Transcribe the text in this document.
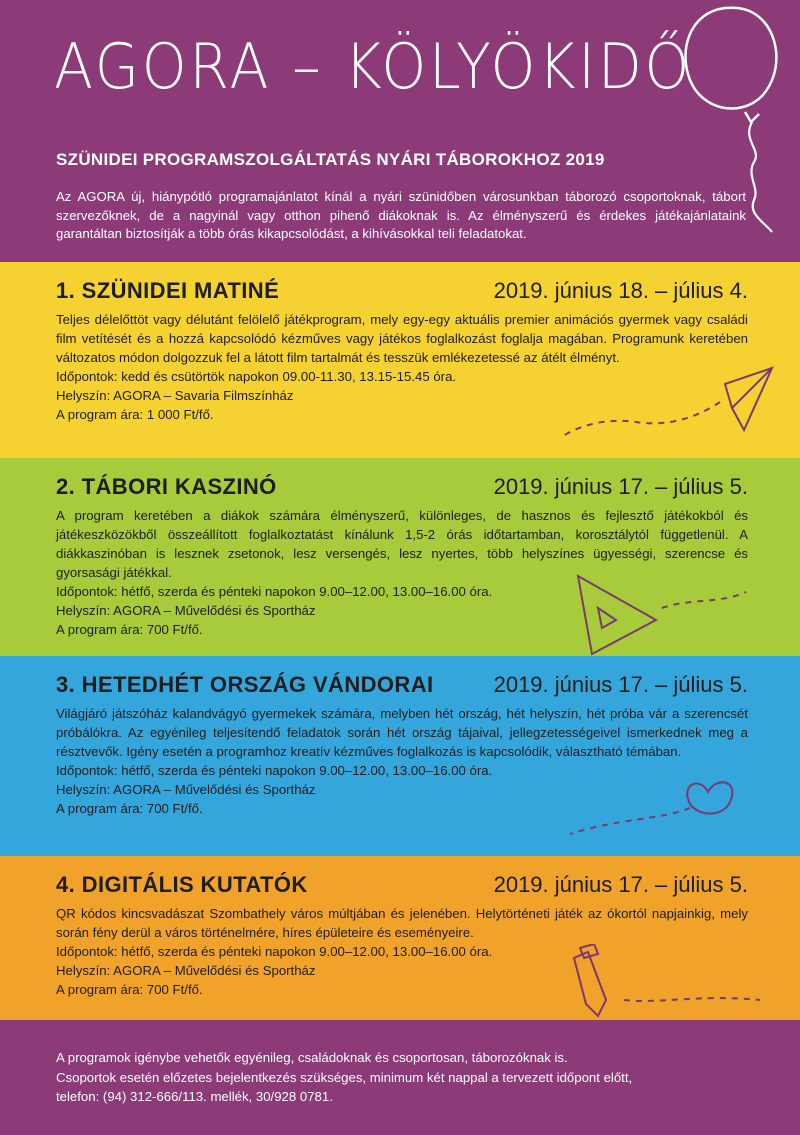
AGORA – KÖLYÖKIDŐ
SZÜNIDEI PROGRAMSZOLGÁLTATÁS NYÁRI TÁBOROKHOZ 2019

Az AGORA új, hiánypótló programajánlatot kínál a nyári szünidőben városunkban táborozó csoportoknak, tábort szervezőknek, de a nagyinál vagy otthon pihenő diákoknak is. Az élményszerű és érdekes játékajánlataink garantáltan biztosítják a több órás kikapcsolódást, a kihívásokkal teli feladatokat.

1. SZÜNIDEI MATINÉ	2019. június 18. – július 4.

Teljes délelőttöt vagy délutánt felölelő játékprogram, mely egy-egy aktuális premier animációs gyermek vagy családi film vetítését és a hozzá kapcsolódó kézműves vagy játékos foglalkozást foglalja magában. Programunk keretében változatos módon dolgozzuk fel a látott film tartalmát és tesszük emlékezetessé az átélt élményt.

Időpontok: kedd és csütörtök napokon 09.00-11.30, 13.15-15.45 óra.

Helyszín: AGORA – Savaria Filmszínház

A program ára: 1 000 Ft/fő.

2. TÁBORI KASZINÓ	2019. június 17. – július 5.

A program keretében a diákok számára élményszerű, különleges, de hasznos és fejlesztő játékokból és játékeszközökből összeállított foglalkoztatást kínálunk 1,5-2 órás időtartamban, korosztálytól függetlenül. A diákkaszinóban is lesznek zsetonok, lesz versengés, lesz nyertes, több helyszínes ügyességi, szerencse és gyorsasági játékkal.

Időpontok: hétfő, szerda és pénteki napokon 9.00–12.00, 13.00–16.00 óra.

Helyszín: AGORA – Művelődési és Sportház

A program ára: 700 Ft/fő.

3. HETEDHÉT ORSZÁG VÁNDORAI	2019. június 17. – július 5.

Világjáró játszóház kalandvágyó gyermekek számára, melyben hét ország, hét helyszín, hét próba vár a szerencsét próbálókra. Az egyénileg teljesítendő feladatok során hét ország tájaival, jellegzetességeivel ismerkednek meg a résztvevők. Igény esetén a programhoz kreatív kézműves foglalkozás is kapcsolódik, választható témában.

Időpontok: hétfő, szerda és pénteki napokon 9.00–12.00, 13.00–16.00 óra.

Helyszín: AGORA – Művelődési és Sportház

A program ára: 700 Ft/fő.

4. DIGITÁLIS KUTATÓK	2019. június 17. – július 5.

QR kódos kincsvadászat Szombathely város múltjában és jelenében. Helytörténeti játék az ókortól napjainkig, mely során fény derül a város történelmére, híres épületeire és eseményeire.

Időpontok: hétfő, szerda és pénteki napokon 9.00–12.00, 13.00–16.00 óra.

Helyszín: AGORA – Művelődési és Sportház

A program ára: 700 Ft/fő.

A programok igénybe vehetők egyénileg, családoknak és csoportosan, táborozóknak is.

Csoportok esetén előzetes bejelentkezés szükséges, minimum két nappal a tervezett időpont előtt,

telefon: (94) 312-666/113. mellék, 30/928 0781.
